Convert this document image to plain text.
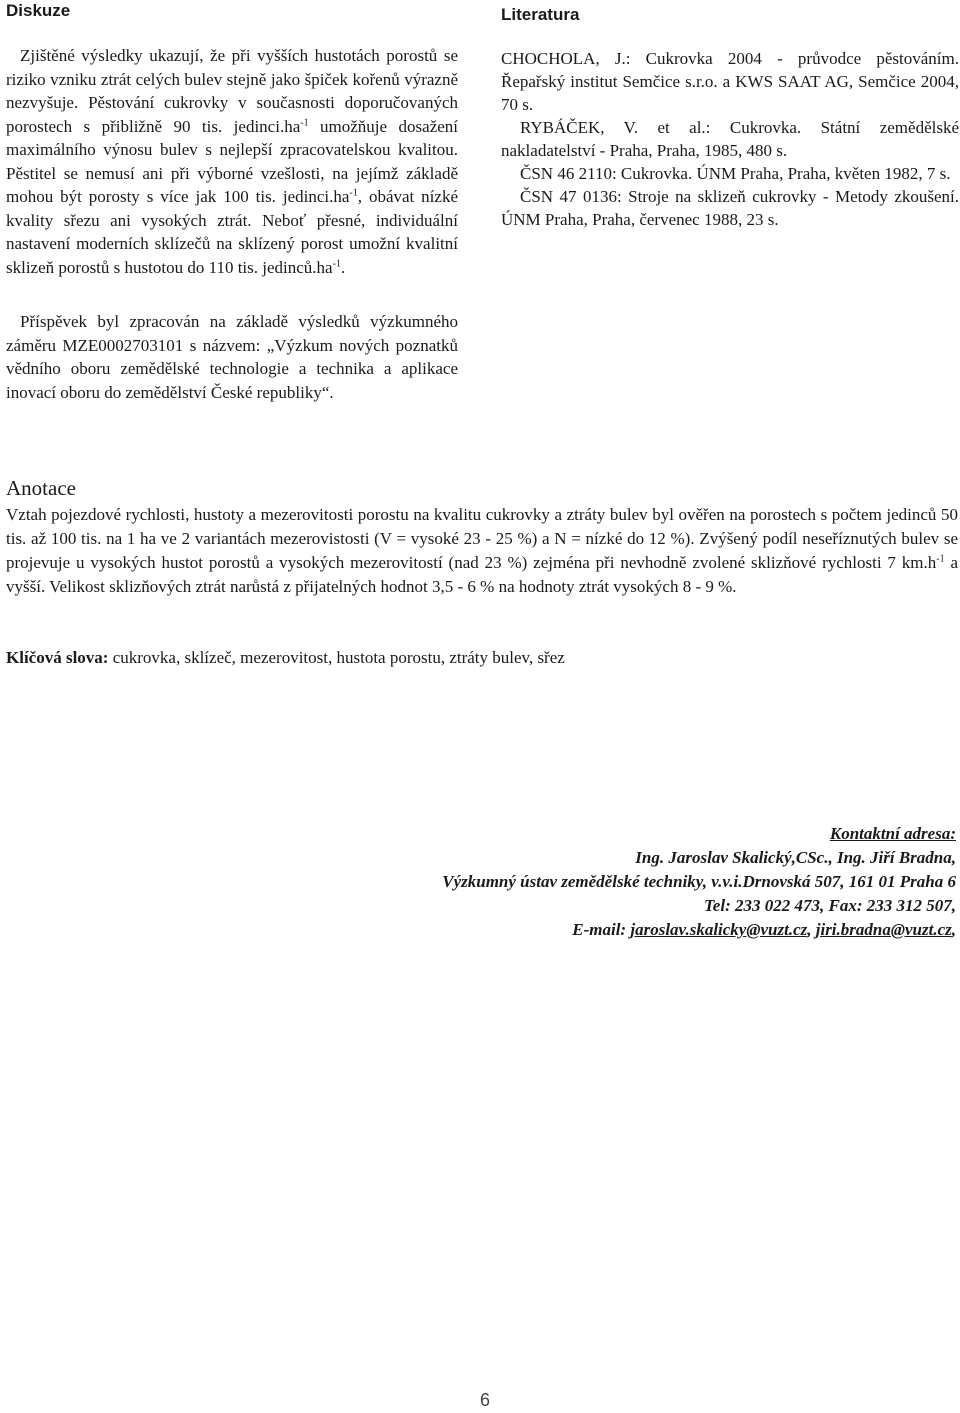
Diskuze

Zjištěné výsledky ukazují, že při vyšších hustotách porostů se riziko vzniku ztrát celých bulev stejně jako špiček kořenů výrazně nezvyšuje. Pěstování cukrovky v současnosti doporučovaných porostech s přibližně 90 tis. $jedinci.ha^{-1}$ umožňuje dosažení maximálního výnosu bulev s nejlepší zpracovatelskou kvalitou. Pěstitel se nemusí ani při výborné vzešlosti, na jejímž základě mohou být porosty s více jak 100 tis. $jedinci.ha^{-1}$, obávat nízké kvality sřezu ani vysokých ztrát. Neboť přesné, individuální nastavení moderních sklízečů na sklízený porost umožní kvalitní sklizeň porostů s hustotou do 110 tis. $jedinců.ha^{-1}$.

Příspěvek byl zpracován na základě výsledků výzkumného záměru MZE0002703101 s názvem: „Výzkum nových poznatků vědního oboru zemědělské technologie a technika a aplikace inovací oboru do zemědělství České republiky“.

Literatura

CHOCHOLA, J.: Cukrovka 2004 - průvodce pěstováním. Řepařský institut Semčice s.r.o. a KWS SAAT AG, Semčice 2004, 70 s.

RYBÁČEK, V. et al.: Cukrovka. Státní zemědělské nakladatelství - Praha, Praha, 1985, 480 s.

ČSN 46 2110: Cukrovka. ÚNM Praha, Praha, květen 1982, 7 s.

ČSN 47 0136: Stroje na sklizeň cukrovky - Metody zkoušení. ÚNM Praha, Praha, červenec 1988, 23 s.

Anotace

Vztah pojezdové rychlosti, hustoty a mezerovitosti porostu na kvalitu cukrovky a ztráty bulev byl ověřen na porostech s počtem jedinců 50 tis. až 100 tis. na 1 ha ve 2 variantách mezerovistosti (V = vysoké 23 - 25 %) a N = nízké do 12 %). Zvýšený podíl neseříznutých bulev se projevuje u vysokých hustot porostů a vysokých mezerovitostí (nad 23 %) zejména při nevhodně zvolené sklizňové rychlosti 7 $km.h^{-1}$ a vyšší. Velikost sklizňových ztrát narůstá z přijatelných hodnot 3,5 - 6 % na hodnoty ztrát vysokých 8 - 9 %.

Klíčová slova: cukrovka, sklízeč, mezerovitost, hustota porostu, ztráty bulev, sřez
Kontaktní adresa:
Ing. Jaroslav Skalický,CSc., Ing. Jiří Bradna,
Výzkumný ústav zemědělské techniky, v.v.i.Drnovská 507, 161 01 Praha 6
Tel: 233 022 473, Fax: 233 312 507,
E-mail: jaroslav.skalicky@vuzt.cz, jiri.bradna@vuzt.cz,
6
